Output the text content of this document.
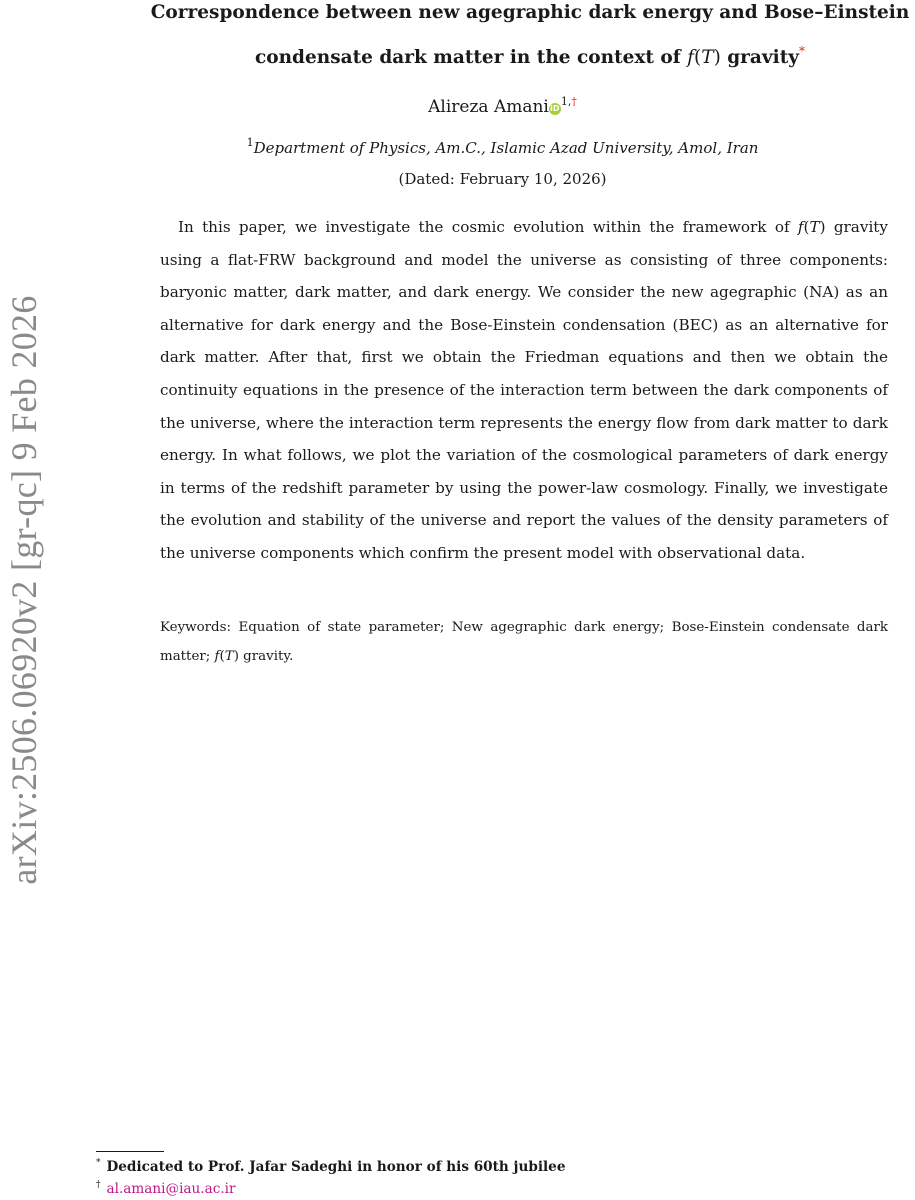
arXiv:2506.06920v2 [gr-qc] 9 Feb 2026
Correspondence between new agegraphic dark energy and Bose–Einstein
condensate dark matter in the context of f(T) gravity*
Alireza AmaniiD$^{1,\dagger}$
$^1$Department of Physics, Am.C., Islamic Azad University, Amol, Iran
(Dated: February 10, 2026)

In this paper, we investigate the cosmic evolution within the framework of f(T) gravity using a flat-FRW background and model the universe as consisting of three components: baryonic matter, dark matter, and dark energy. We consider the new agegraphic (NA) as an alternative for dark energy and the Bose-Einstein condensation (BEC) as an alternative for dark matter. After that, first we obtain the Friedman equations and then we obtain the continuity equations in the presence of the interaction term between the dark components of the universe, where the interaction term represents the energy flow from dark matter to dark energy. In what follows, we plot the variation of the cosmological parameters of dark energy in terms of the redshift parameter by using the power-law cosmology. Finally, we investigate the evolution and stability of the universe and report the values of the density parameters of the universe components which confirm the present model with observational data.

Keywords: Equation of state parameter; New agegraphic dark energy; Bose-Einstein condensate dark matter; f(T) gravity.

* Dedicated to Prof. Jafar Sadeghi in honor of his 60th jubilee
† al.amani@iau.ac.ir
